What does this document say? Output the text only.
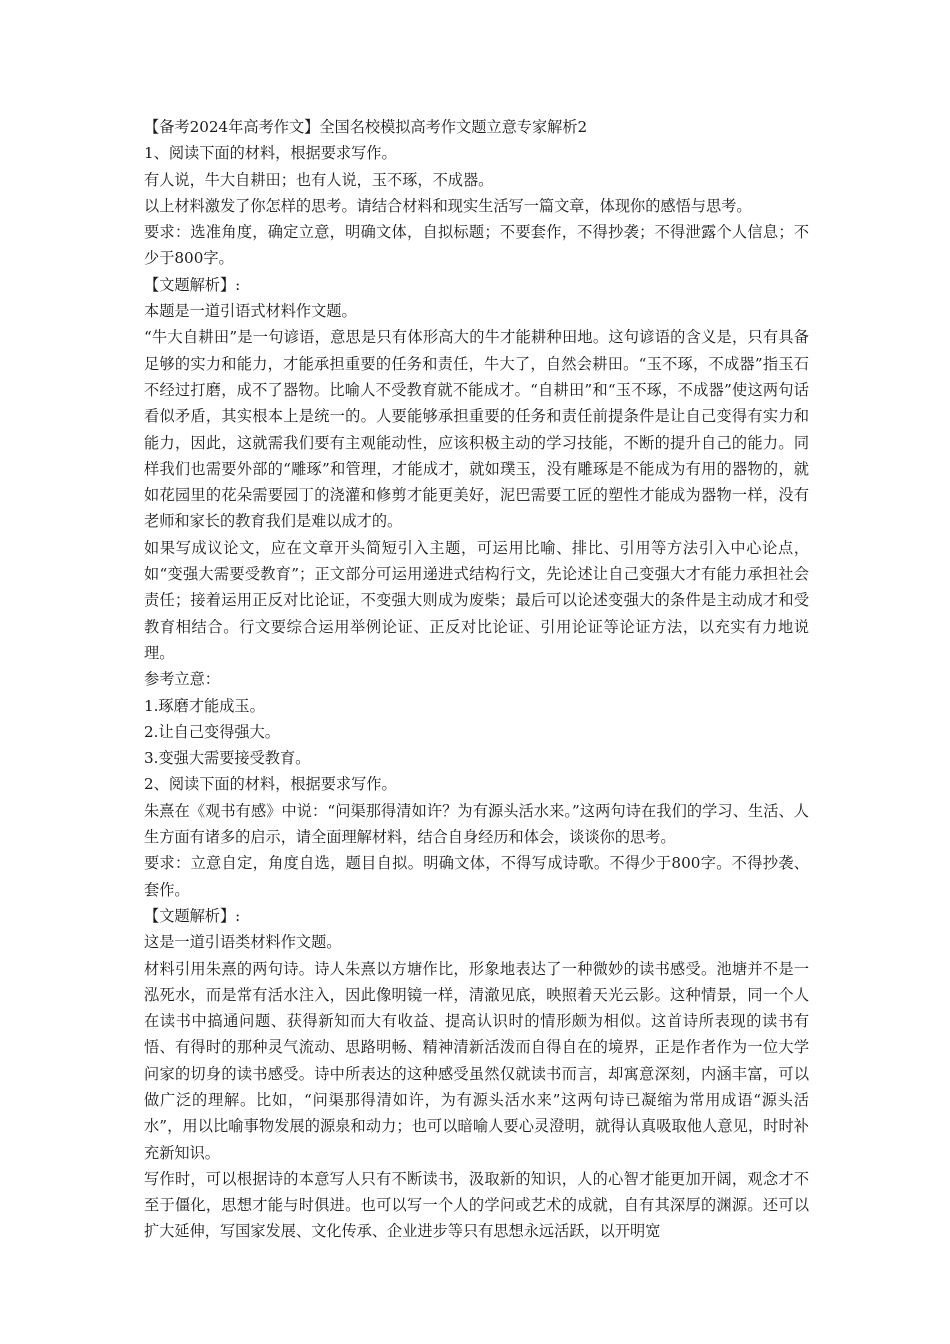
【备考2024年高考作文】全国名校模拟高考作文题立意专家解析2

1、阅读下面的材料，根据要求写作。

有人说，牛大自耕田；也有人说，玉不琢，不成器。

以上材料激发了你怎样的思考。请结合材料和现实生活写一篇文章，体现你的感悟与思考。

要求：选准角度，确定立意，明确文体，自拟标题；不要套作，不得抄袭；不得泄露个人信息；不少于800字。

【文题解析】:

本题是一道引语式材料作文题。

“牛大自耕田”是一句谚语，意思是只有体形高大的牛才能耕种田地。这句谚语的含义是，只有具备足够的实力和能力，才能承担重要的任务和责任，牛大了，自然会耕田。“玉不琢，不成器”指玉石不经过打磨，成不了器物。比喻人不受教育就不能成才。“自耕田”和“玉不琢，不成器”使这两句话看似矛盾，其实根本上是统一的。人要能够承担重要的任务和责任前提条件是让自己变得有实力和能力，因此，这就需我们要有主观能动性，应该积极主动的学习技能，不断的提升自己的能力。同样我们也需要外部的“雕琢”和管理，才能成才，就如璞玉，没有雕琢是不能成为有用的器物的，就如花园里的花朵需要园丁的浇灌和修剪才能更美好，泥巴需要工匠的塑性才能成为器物一样，没有老师和家长的教育我们是难以成才的。

如果写成议论文，应在文章开头简短引入主题，可运用比喻、排比、引用等方法引入中心论点，如“变强大需要受教育”；正文部分可运用递进式结构行文，先论述让自己变强大才有能力承担社会责任；接着运用正反对比论证，不变强大则成为废柴；最后可以论述变强大的条件是主动成才和受教育相结合。行文要综合运用举例论证、正反对比论证、引用论证等论证方法，以充实有力地说理。

参考立意：

1.琢磨才能成玉。

2.让自己变得强大。

3.变强大需要接受教育。

2、阅读下面的材料，根据要求写作。

朱熹在《观书有感》中说：“问渠那得清如许？为有源头活水来。”这两句诗在我们的学习、生活、人生方面有诸多的启示，请全面理解材料，结合自身经历和体会，谈谈你的思考。

要求：立意自定，角度自选，题目自拟。明确文体，不得写成诗歌。不得少于800字。不得抄袭、套作。

【文题解析】:

这是一道引语类材料作文题。

材料引用朱熹的两句诗。诗人朱熹以方塘作比，形象地表达了一种微妙的读书感受。池塘并不是一泓死水，而是常有活水注入，因此像明镜一样，清澈见底，映照着天光云影。这种情景，同一个人在读书中搞通问题、获得新知而大有收益、提高认识时的情形颇为相似。这首诗所表现的读书有悟、有得时的那种灵气流动、思路明畅、精神清新活泼而自得自在的境界，正是作者作为一位大学问家的切身的读书感受。诗中所表达的这种感受虽然仅就读书而言，却寓意深刻，内涵丰富，可以做广泛的理解。比如，“问渠那得清如许，为有源头活水来”这两句诗已凝缩为常用成语“源头活水”，用以比喻事物发展的源泉和动力；也可以暗喻人要心灵澄明，就得认真吸取他人意见，时时补充新知识。

写作时，可以根据诗的本意写人只有不断读书，汲取新的知识，人的心智才能更加开阔，观念才不至于僵化，思想才能与时俱进。也可以写一个人的学问或艺术的成就，自有其深厚的渊源。还可以扩大延伸，写国家发展、文化传承、企业进步等只有思想永远活跃，以开明宽
